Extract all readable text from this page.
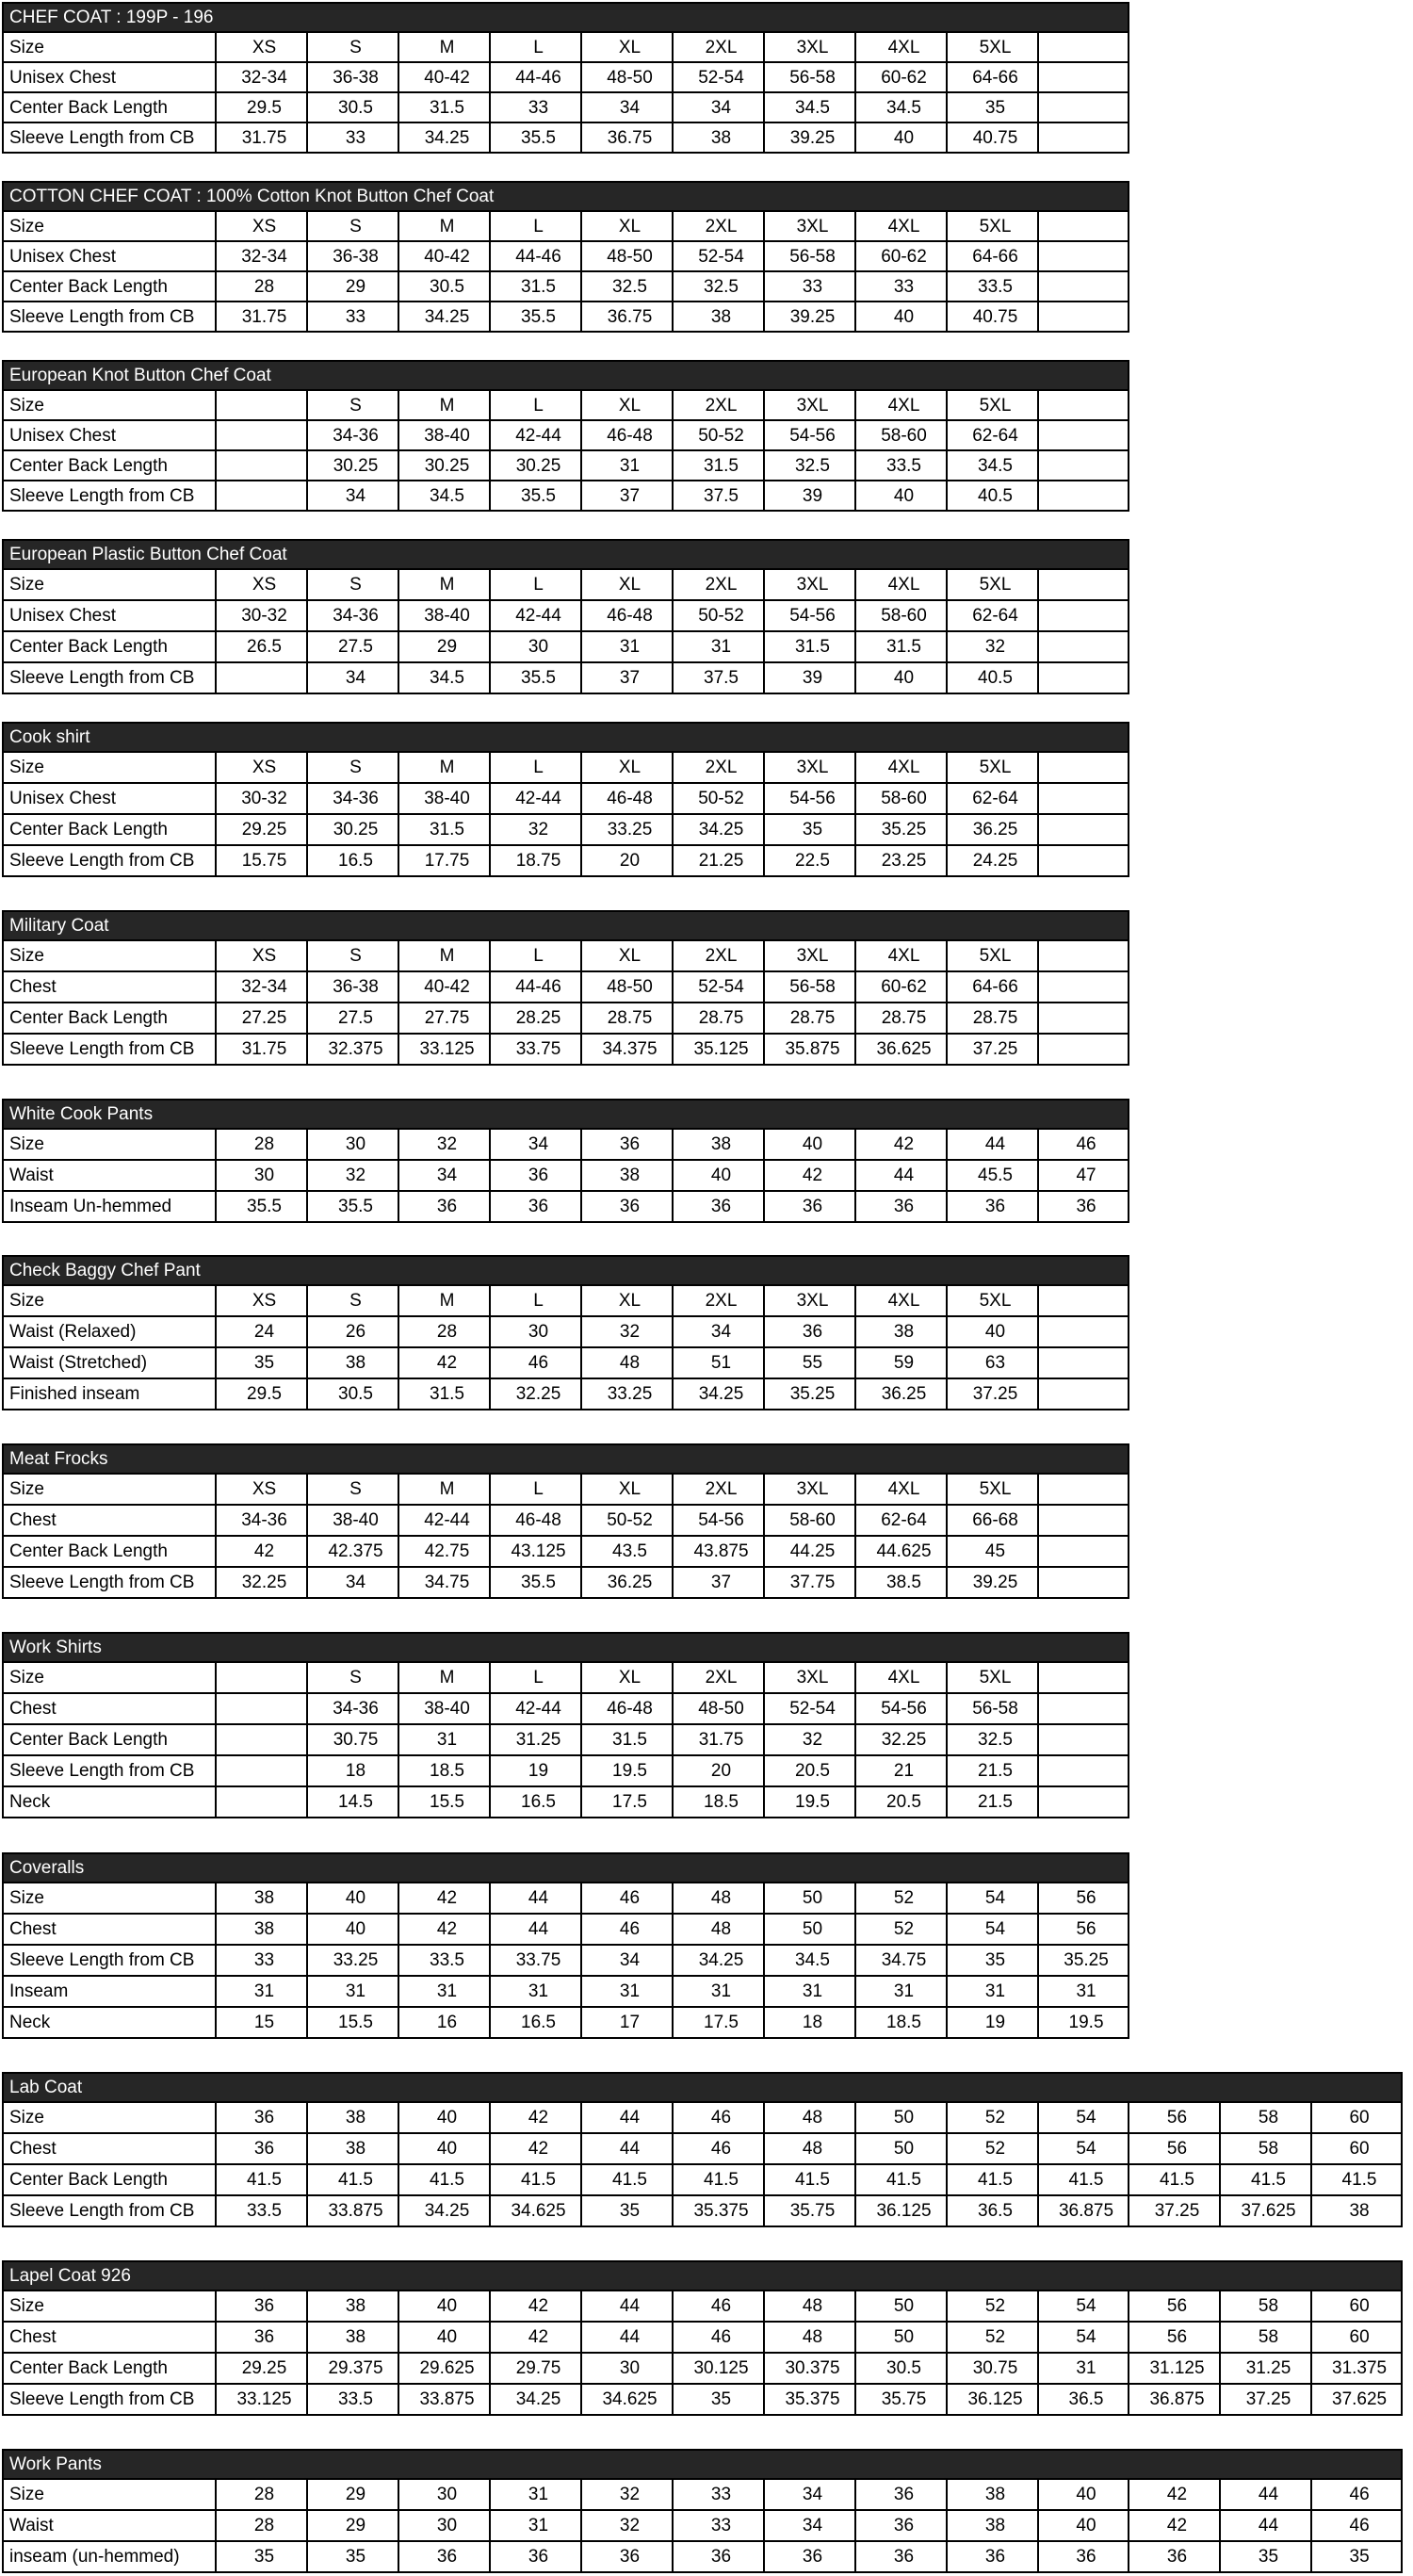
CHEF COAT : 199P - 196										
Size	XS	S	M	L	XL	2XL	3XL	4XL	5XL	
Unisex Chest	32-34	36-38	40-42	44-46	48-50	52-54	56-58	60-62	64-66	
Center Back Length	29.5	30.5	31.5	33	34	34	34.5	34.5	35	
Sleeve Length from CB	31.75	33	34.25	35.5	36.75	38	39.25	40	40.75	
COTTON CHEF COAT : 100% Cotton Knot Button Chef Coat										
Size	XS	S	M	L	XL	2XL	3XL	4XL	5XL	
Unisex Chest	32-34	36-38	40-42	44-46	48-50	52-54	56-58	60-62	64-66	
Center Back Length	28	29	30.5	31.5	32.5	32.5	33	33	33.5	
Sleeve Length from CB	31.75	33	34.25	35.5	36.75	38	39.25	40	40.75	
European Knot Button Chef Coat										
Size		S	M	L	XL	2XL	3XL	4XL	5XL	
Unisex Chest		34-36	38-40	42-44	46-48	50-52	54-56	58-60	62-64	
Center Back Length		30.25	30.25	30.25	31	31.5	32.5	33.5	34.5	
Sleeve Length from CB		34	34.5	35.5	37	37.5	39	40	40.5	
European Plastic Button Chef Coat										
Size	XS	S	M	L	XL	2XL	3XL	4XL	5XL	
Unisex Chest	30-32	34-36	38-40	42-44	46-48	50-52	54-56	58-60	62-64	
Center Back Length	26.5	27.5	29	30	31	31	31.5	31.5	32	
Sleeve Length from CB		34	34.5	35.5	37	37.5	39	40	40.5	
Cook shirt										
Size	XS	S	M	L	XL	2XL	3XL	4XL	5XL	
Unisex Chest	30-32	34-36	38-40	42-44	46-48	50-52	54-56	58-60	62-64	
Center Back Length	29.25	30.25	31.5	32	33.25	34.25	35	35.25	36.25	
Sleeve Length from CB	15.75	16.5	17.75	18.75	20	21.25	22.5	23.25	24.25	
Military Coat										
Size	XS	S	M	L	XL	2XL	3XL	4XL	5XL	
Chest	32-34	36-38	40-42	44-46	48-50	52-54	56-58	60-62	64-66	
Center Back Length	27.25	27.5	27.75	28.25	28.75	28.75	28.75	28.75	28.75	
Sleeve Length from CB	31.75	32.375	33.125	33.75	34.375	35.125	35.875	36.625	37.25	
White Cook Pants										
Size	28	30	32	34	36	38	40	42	44	46
Waist	30	32	34	36	38	40	42	44	45.5	47
Inseam Un-hemmed	35.5	35.5	36	36	36	36	36	36	36	36
Check Baggy Chef Pant										
Size	XS	S	M	L	XL	2XL	3XL	4XL	5XL	
Waist (Relaxed)	24	26	28	30	32	34	36	38	40	
Waist (Stretched)	35	38	42	46	48	51	55	59	63	
Finished inseam	29.5	30.5	31.5	32.25	33.25	34.25	35.25	36.25	37.25	
Meat Frocks										
Size	XS	S	M	L	XL	2XL	3XL	4XL	5XL	
Chest	34-36	38-40	42-44	46-48	50-52	54-56	58-60	62-64	66-68	
Center Back Length	42	42.375	42.75	43.125	43.5	43.875	44.25	44.625	45	
Sleeve Length from CB	32.25	34	34.75	35.5	36.25	37	37.75	38.5	39.25	
Work Shirts										
Size		S	M	L	XL	2XL	3XL	4XL	5XL	
Chest		34-36	38-40	42-44	46-48	48-50	52-54	54-56	56-58	
Center Back Length		30.75	31	31.25	31.5	31.75	32	32.25	32.5	
Sleeve Length from CB		18	18.5	19	19.5	20	20.5	21	21.5	
Neck		14.5	15.5	16.5	17.5	18.5	19.5	20.5	21.5	
Coveralls										
Size	38	40	42	44	46	48	50	52	54	56
Chest	38	40	42	44	46	48	50	52	54	56
Sleeve Length from CB	33	33.25	33.5	33.75	34	34.25	34.5	34.75	35	35.25
Inseam	31	31	31	31	31	31	31	31	31	31
Neck	15	15.5	16	16.5	17	17.5	18	18.5	19	19.5
Lab Coat													
Size	36	38	40	42	44	46	48	50	52	54	56	58	60
Chest	36	38	40	42	44	46	48	50	52	54	56	58	60
Center Back Length	41.5	41.5	41.5	41.5	41.5	41.5	41.5	41.5	41.5	41.5	41.5	41.5	41.5
Sleeve Length from CB	33.5	33.875	34.25	34.625	35	35.375	35.75	36.125	36.5	36.875	37.25	37.625	38
Lapel Coat 926													
Size	36	38	40	42	44	46	48	50	52	54	56	58	60
Chest	36	38	40	42	44	46	48	50	52	54	56	58	60
Center Back Length	29.25	29.375	29.625	29.75	30	30.125	30.375	30.5	30.75	31	31.125	31.25	31.375
Sleeve Length from CB	33.125	33.5	33.875	34.25	34.625	35	35.375	35.75	36.125	36.5	36.875	37.25	37.625
Work Pants													
Size	28	29	30	31	32	33	34	36	38	40	42	44	46
Waist	28	29	30	31	32	33	34	36	38	40	42	44	46
inseam (un-hemmed)	35	35	36	36	36	36	36	36	36	36	36	35	35
